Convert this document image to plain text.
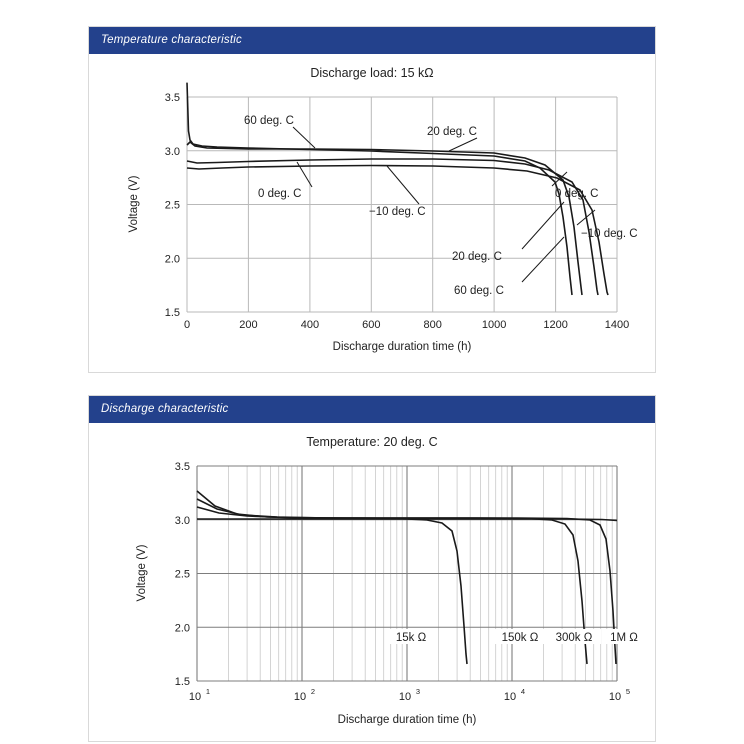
Temperature characteristic
Discharge load: 15 kΩ
3.5
3.0
2.5
2.0
1.5
0	200	400	600	800	1000	1200	1400
Discharge duration time (h)
Voltage (V)
60 deg. C
20 deg. C
0 deg. C	0 deg. C
−10 deg. C
−10 deg. C
20 deg. C
60 deg. C
Discharge characteristic
Temperature: 20 deg. C
3.5
3.0
2.5
2.0
1.5
10 1	10 2	10 3	10 4	10 5
Discharge duration time (h)
Voltage (V)
15k Ω	150k Ω 300k Ω 1M Ω
